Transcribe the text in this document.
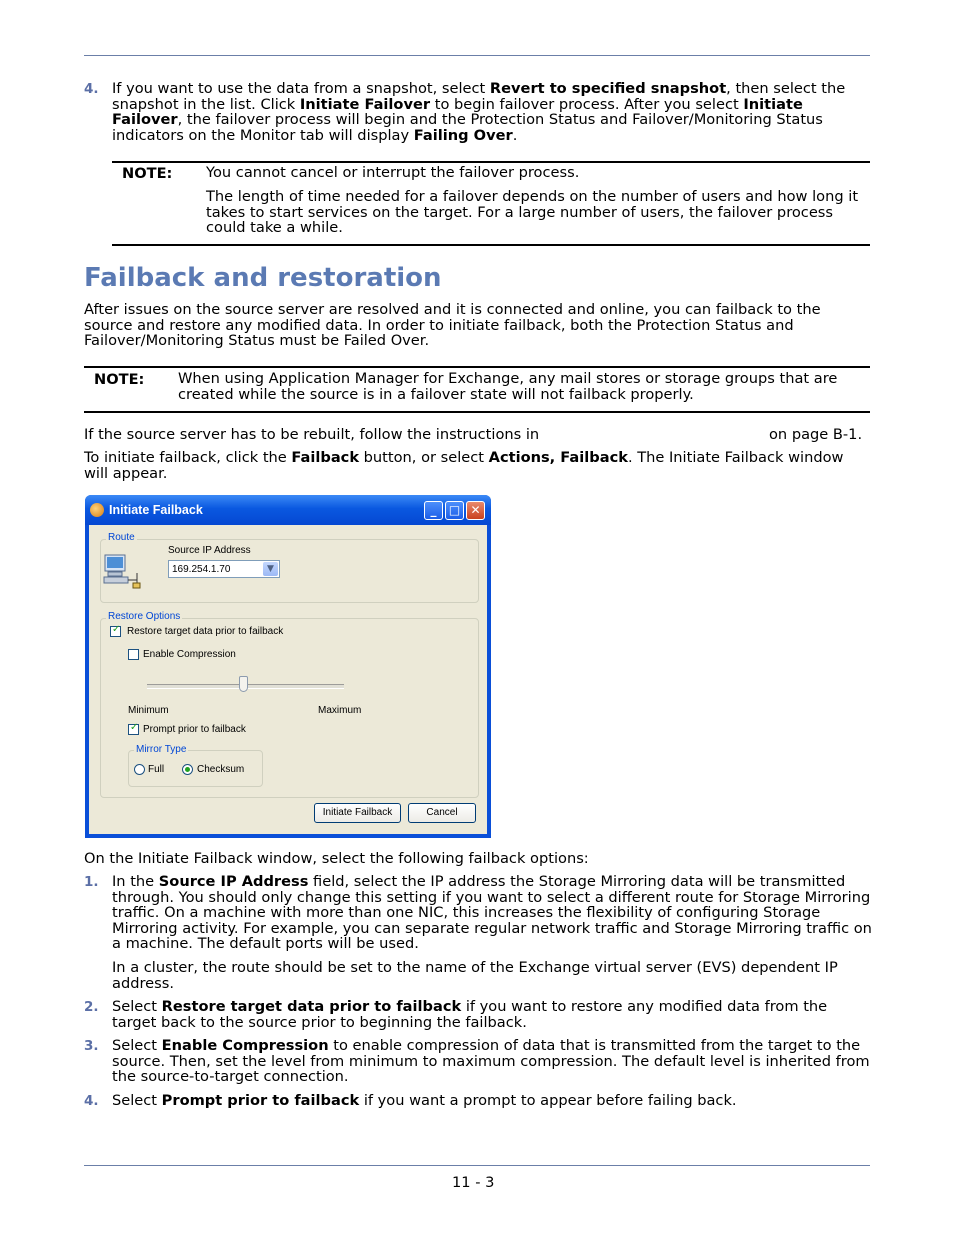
4. If you want to use the data from a snapshot, select Revert to specified snapshot, then select the snapshot in the list. Click Initiate Failover to begin failover process. After you select Initiate Failover, the failover process will begin and the Protection Status and Failover/Monitoring Status indicators on the Monitor tab will display Failing Over.
NOTE: You cannot cancel or interrupt the failover process.
The length of time needed for a failover depends on the number of users and how long it takes to start services on the target. For a large number of users, the failover process could take a while.
Failback and restoration
After issues on the source server are resolved and it is connected and online, you can failback to the source and restore any modified data. In order to initiate failback, both the Protection Status and Failover/Monitoring Status must be Failed Over.
NOTE: When using Application Manager for Exchange, any mail stores or storage groups that are created while the source is in a failover state will not failback properly.
If the source server has to be rebuilt, follow the instructions in	on page B-1.
To initiate failback, click the Failback button, or select Actions, Failback. The Initiate Failback window will appear.
Initiate Failback	_	□ ✕
Route
Source IP Address
169.254.1.70	▼
Restore Options
✓
Restore target data prior to failback
Enable Compression
Minimum	Maximum
✓
Prompt prior to failback
Mirror Type
Full	Checksum
Initiate Failback	Cancel
On the Initiate Failback window, select the following failback options:
1. In the Source IP Address field, select the IP address the Storage Mirroring data will be transmitted through. You should only change this setting if you want to select a different route for Storage Mirroring traffic. On a machine with more than one NIC, this increases the flexibility of configuring Storage Mirroring activity. For example, you can separate regular network traffic and Storage Mirroring traffic on a machine. The default ports will be used.
In a cluster, the route should be set to the name of the Exchange virtual server (EVS) dependent IP address.
2. Select Restore target data prior to failback if you want to restore any modified data from the target back to the source prior to beginning the failback.
3. Select Enable Compression to enable compression of data that is transmitted from the target to the source. Then, set the level from minimum to maximum compression. The default level is inherited from the source-to-target connection.
4. Select Prompt prior to failback if you want a prompt to appear before failing back.
11 - 3
